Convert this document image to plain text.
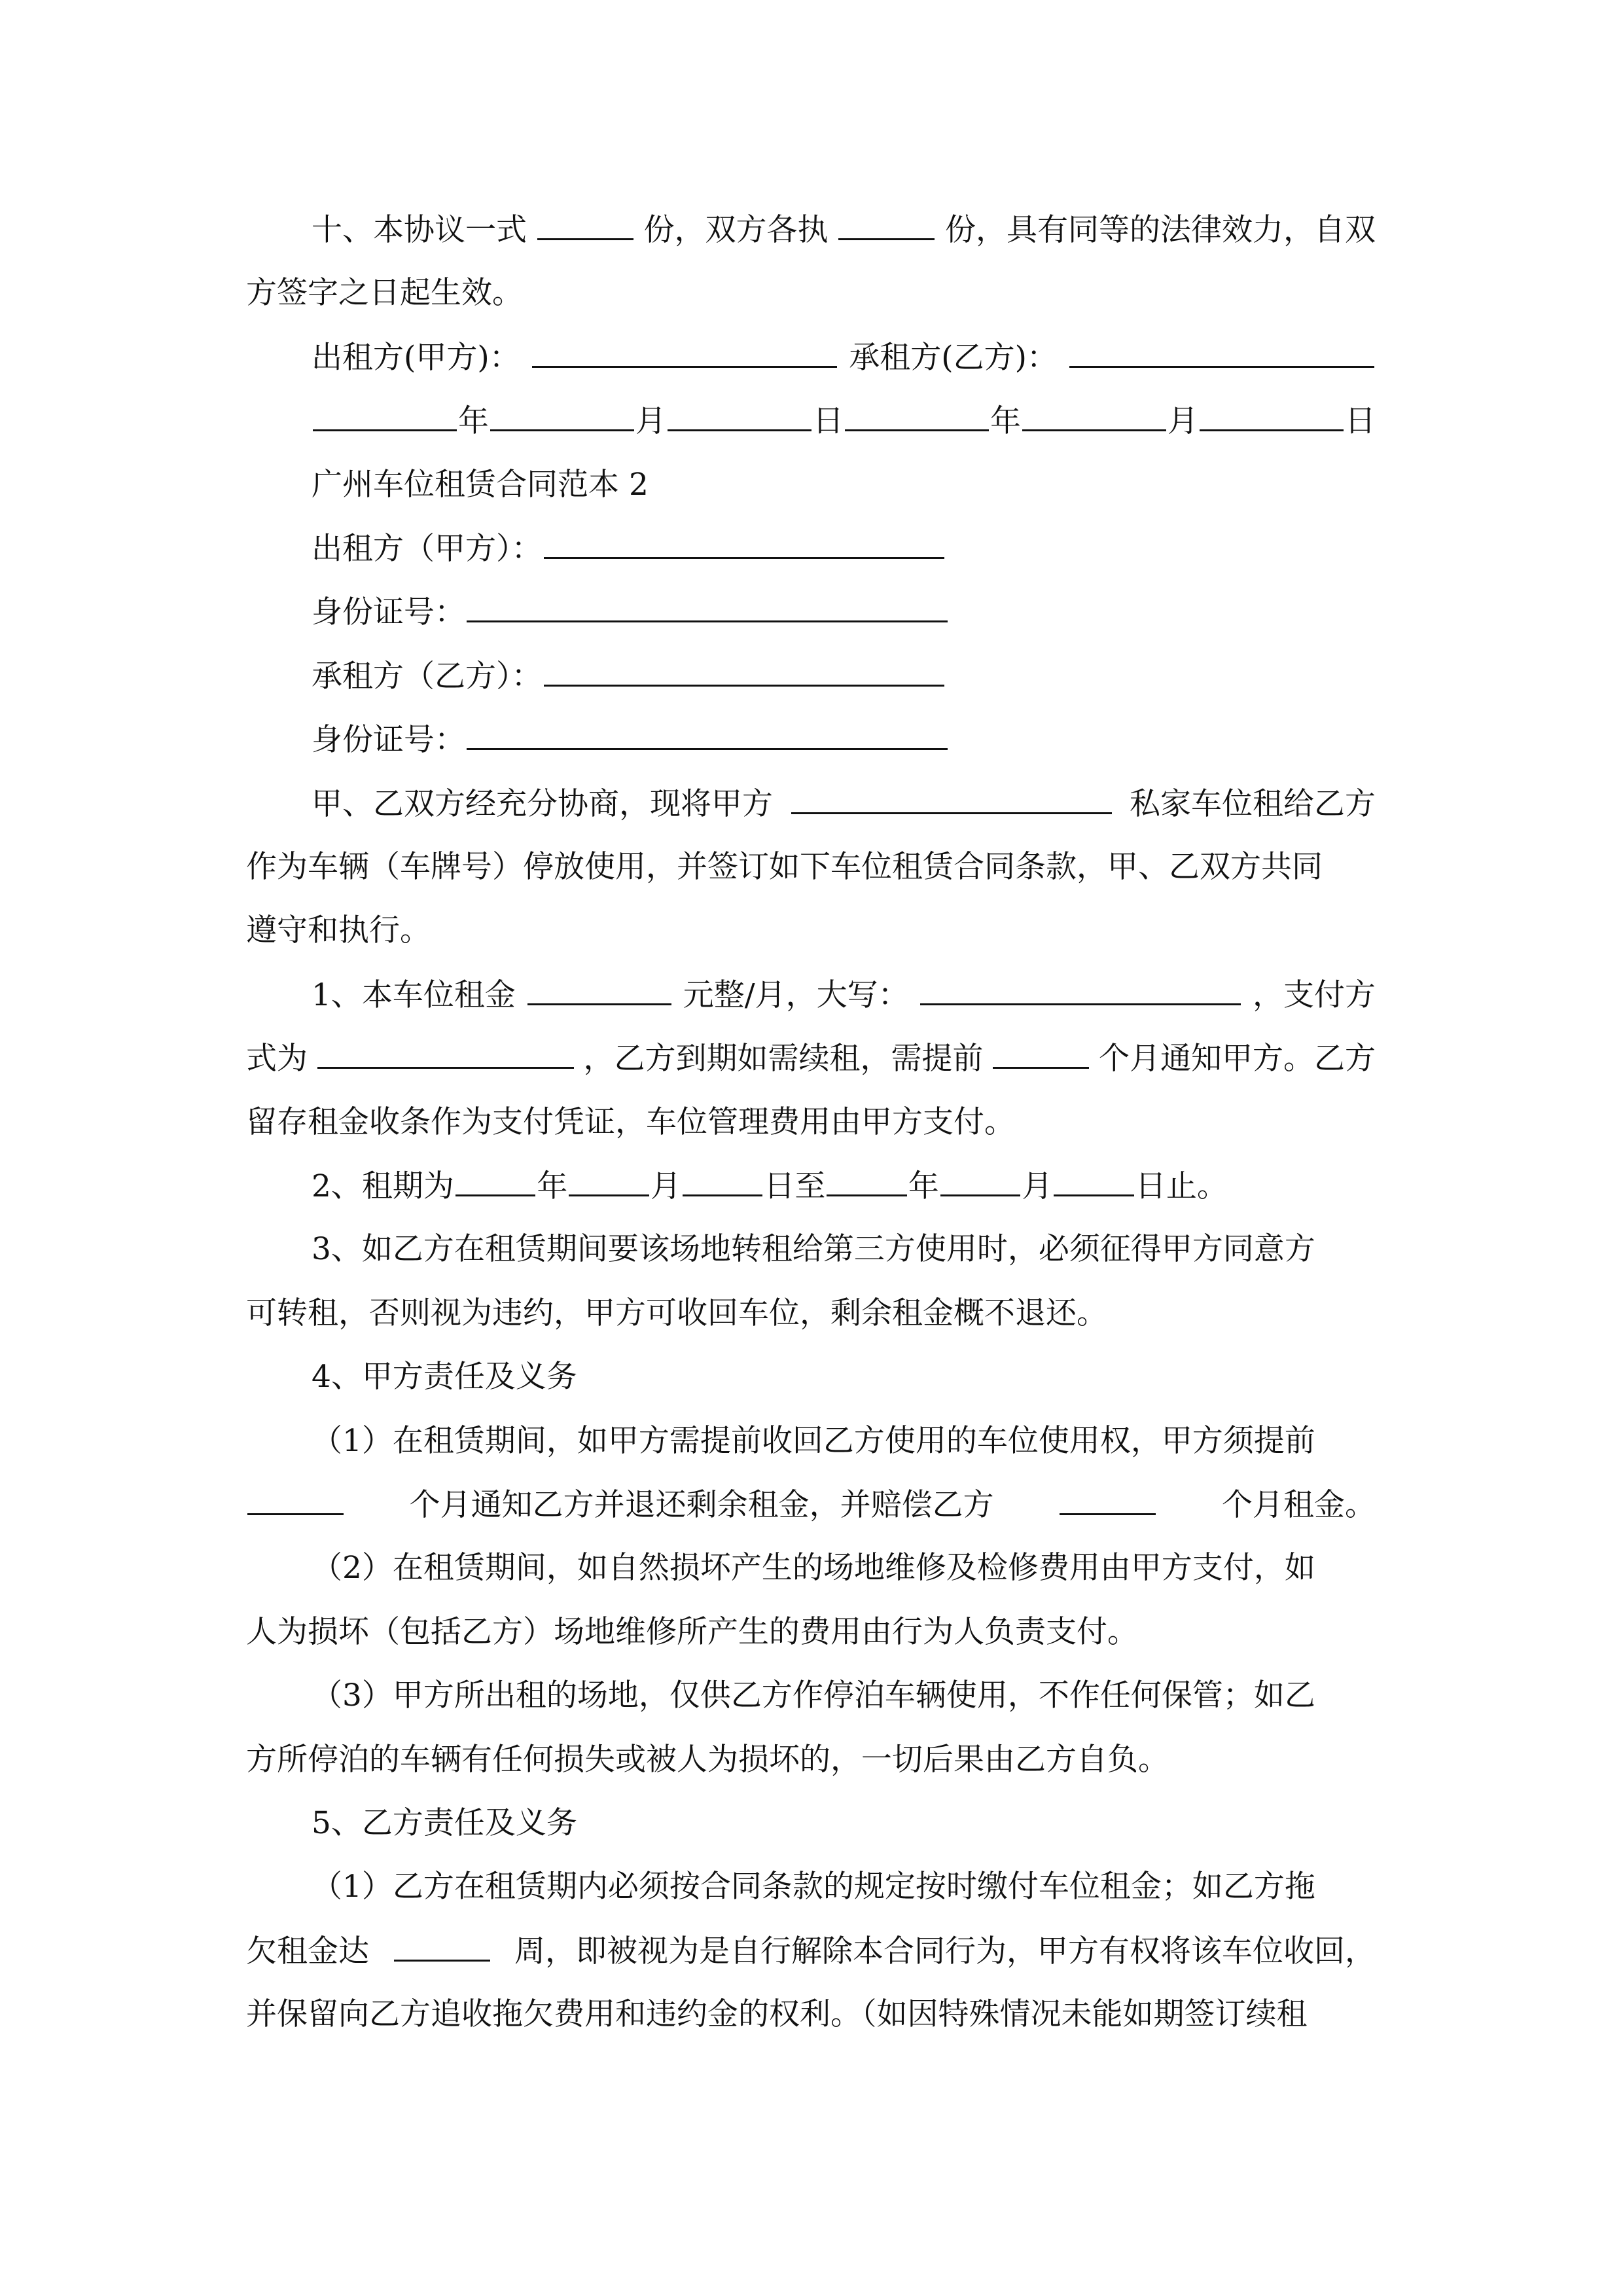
十、本协议一式	份，双方各执	份，具有同等的法律效力，自双
方签字之日起生效。
出租方(甲方)：	承租方(乙方)：
年	月	日	年	月	日
广州车位租赁合同范本 2
出租方（甲方）：
身份证号：
承租方（乙方）：
身份证号：
甲、乙双方经充分协商，现将甲方	私家车位租给乙方
作为车辆（车牌号）停放使用，并签订如下车位租赁合同条款，甲、乙双方共同
遵守和执行。
1、本车位租金	元整/月，大写：	，支付方
式为	，乙方到期如需续租，需提前	个月通知甲方。乙方
留存租金收条作为支付凭证，车位管理费用由甲方支付。
2、租期为	年	月	日至	年	月	日止。
3、如乙方在租赁期间要该场地转租给第三方使用时，必须征得甲方同意方
可转租，否则视为违约，甲方可收回车位，剩余租金概不退还。
4、甲方责任及义务
（1）在租赁期间，如甲方需提前收回乙方使用的车位使用权，甲方须提前
个月通知乙方并退还剩余租金，并赔偿乙方	个月租金。
（2）在租赁期间，如自然损坏产生的场地维修及检修费用由甲方支付，如
人为损坏（包括乙方）场地维修所产生的费用由行为人负责支付。
（3）甲方所出租的场地，仅供乙方作停泊车辆使用，不作任何保管；如乙
方所停泊的车辆有任何损失或被人为损坏的，一切后果由乙方自负。
5、乙方责任及义务
（1）乙方在租赁期内必须按合同条款的规定按时缴付车位租金；如乙方拖
欠租金达	周，即被视为是自行解除本合同行为，甲方有权将该车位收回，
并保留向乙方追收拖欠费用和违约金的权利。（如因特殊情况未能如期签订续租
